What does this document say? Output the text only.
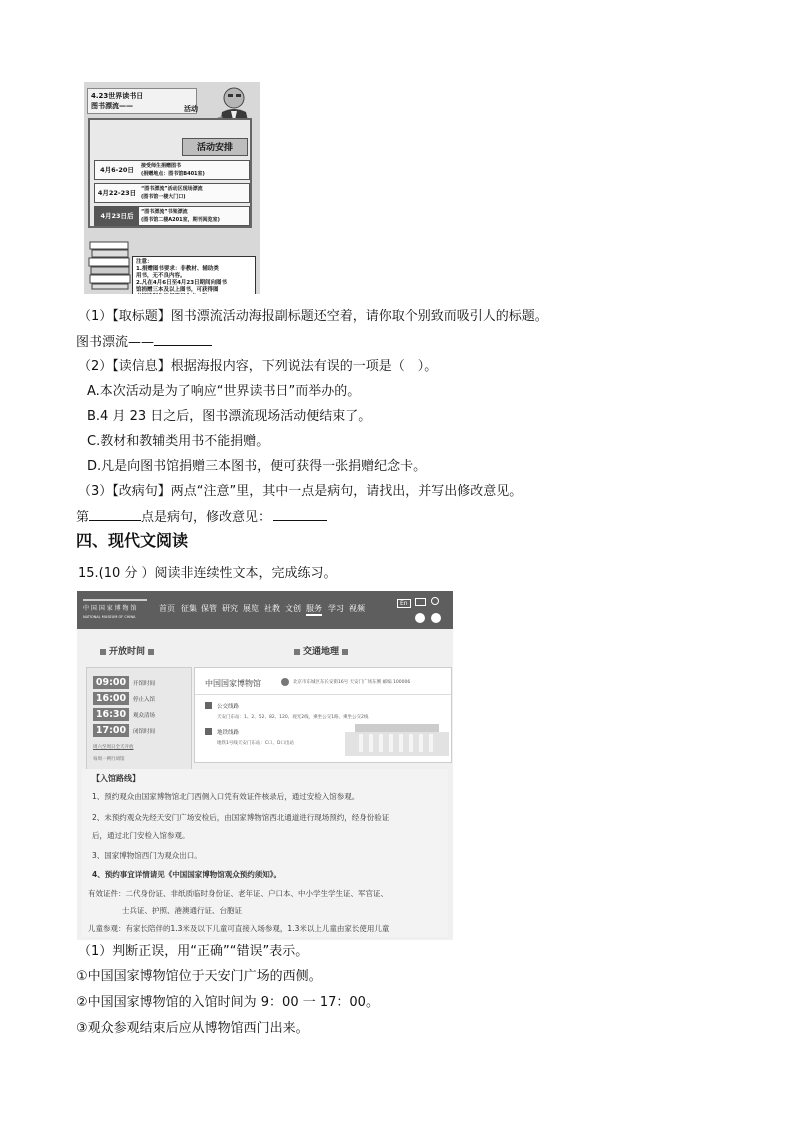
4.23世界读书日
图书漂流——	活动
活动安排
4月6-20日	接受师生捐赠图书
(捐赠地点：图书馆B401室)
4月22-23日 “图书漂流”活动区现场漂流
(图书馆一楼大门口)
4月23日后	“图书漂流”书架漂流
(图书馆二楼A201室，期刊阅览室)
注意：
1.捐赠图书要求：非教材、辅助类
用书，无不良内容。
2.凡在4月6日至4月23日期间向图书
馆捐赠三本及以上图书，可获得图
（1）【取标题】图书漂流活动海报副标题还空着，请你取个别致而吸引人的标题。
图书漂流——
（2）【读信息】根据海报内容，下列说法有误的一项是（　）。
A.本次活动是为了响应“世界读书日”而举办的。
B.4 月 23 日之后，图书漂流现场活动便结束了。
C.教材和教辅类用书不能捐赠。
D.凡是向图书馆捐赠三本图书，便可获得一张捐赠纪念卡。
（3）【改病句】两点“注意”里，其中一点是病句，请找出，并写出修改意见。
第	点是病句，修改意见：
四、现代文阅读
15.(10 分 ）阅读非连续性文本，完成练习。
中 国 国 家 博 物 馆
NATIONAL MUSEUM OF CHINA
首页 征集 保管 研究 展览 社教 文创 服务 学习 视频
En
开放时间	交通地理
09:00	开馆时间
16:00	停止入馆
16:30	观众清场
17:00	闭馆时间
周六至周日全天开放
每周一例行闭馆
中国国家博物馆	北京市东城区东长安街16号 天安门广场东侧 邮编 100006
公交线路
天安门东站：1、2、52、82、120、观光2线，乘坐公交1路、乘坐公交2线
地铁线路
地铁1号线天安门东站：C口、D口出站
【入馆路线】
1、预约观众由国家博物馆北门西侧入口凭有效证件核录后，通过安检入馆参观。
2、未预约观众先经天安门广场安检后，由国家博物馆西北通道进行现场预约，经身份验证
后，通过北门安检入馆参观。
3、国家博物馆西门为观众出口。
4、预约事宜详情请见《中国国家博物馆观众预约须知》。
有效证件：二代身份证、非纸质临时身份证、老年证、户口本、中小学生学生证、军官证、
士兵证、护照、港澳通行证、台胞证
儿童参观：有家长陪伴的1.3米及以下儿童可直接入场参观，1.3米以上儿童由家长使用儿童
（1）判断正误，用“正确”“错误”表示。
①中国国家博物馆位于天安门广场的西侧。
②中国国家博物馆的入馆时间为 9：00 一 17：00。
③观众参观结束后应从博物馆西门出来。
